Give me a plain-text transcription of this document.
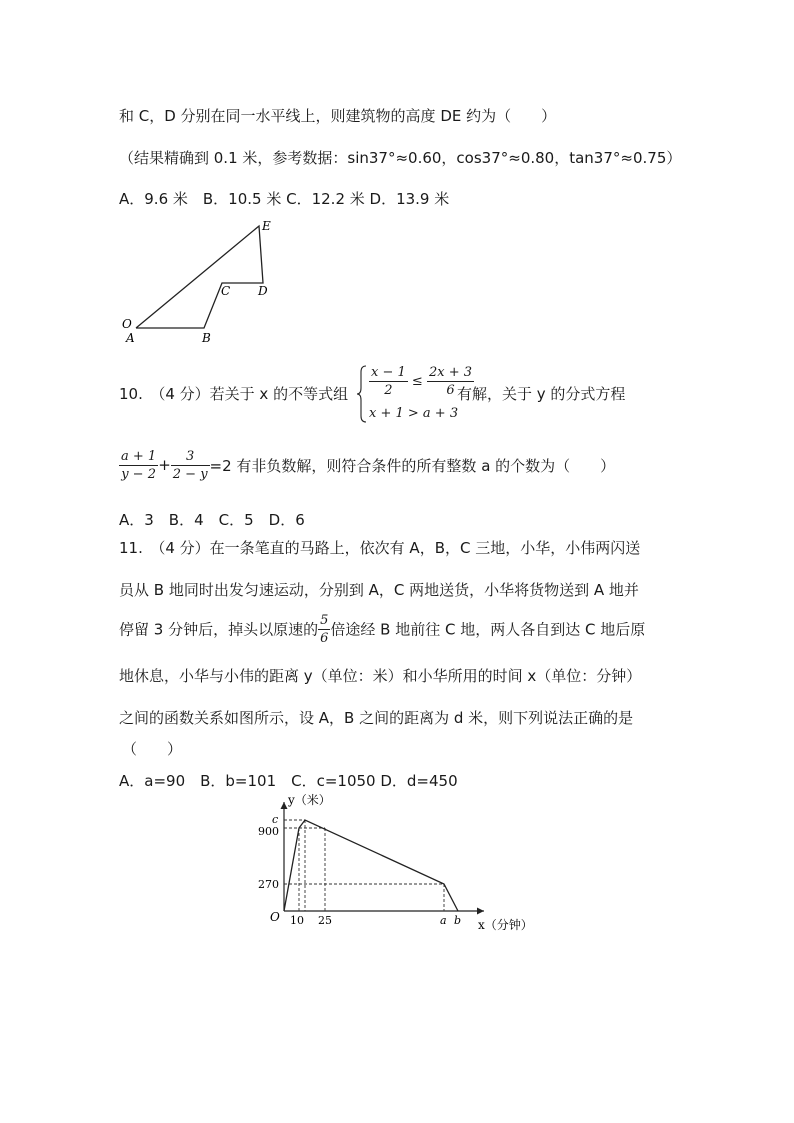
和 C，D 分别在同一水平线上，则建筑物的高度 DE 约为（　　）
（结果精确到 0.1 米，参考数据：sin37°≈0.60，cos37°≈0.80，tan37°≈0.75）
A．9.6 米　B．10.5 米 C．12.2 米 D．13.9 米
E
C D
O
A	B
10.　（4 分）若关于 x 的不等式组 $\frac{x - 1}{2} \le \frac{2x + 3}{6}$
x + 1 > a + 3
有解，关于 y 的分式方程
$\frac{a + 1}{y - 2} + \frac{3}{2 - y} =2$ 有非负数解，则符合条件的所有整数 a 的个数为（　　）
A．3　B．4　C．5　D．6
11.　（4 分）在一条笔直的马路上，依次有 A，B，C 三地，小华，小伟两闪送
员从 B 地同时出发匀速运动，分别到 A，C 两地送货，小华将货物送到 A 地并
停留 3 分钟后，掉头以原速的 $\frac{5}{6}$ 倍途经 B 地前往 C 地，两人各自到达 C 地后原
地休息，小华与小伟的距离 y（单位：米）和小华所用的时间 x（单位：分钟）
之间的函数关系如图所示，设 A，B 之间的距离为 d 米，则下列说法正确的是
（　　）
A．a=90　B．b=101　C．c=1050 D．d=450
y（米）
x（分钟）
O
270
900
c
10 25	a b
